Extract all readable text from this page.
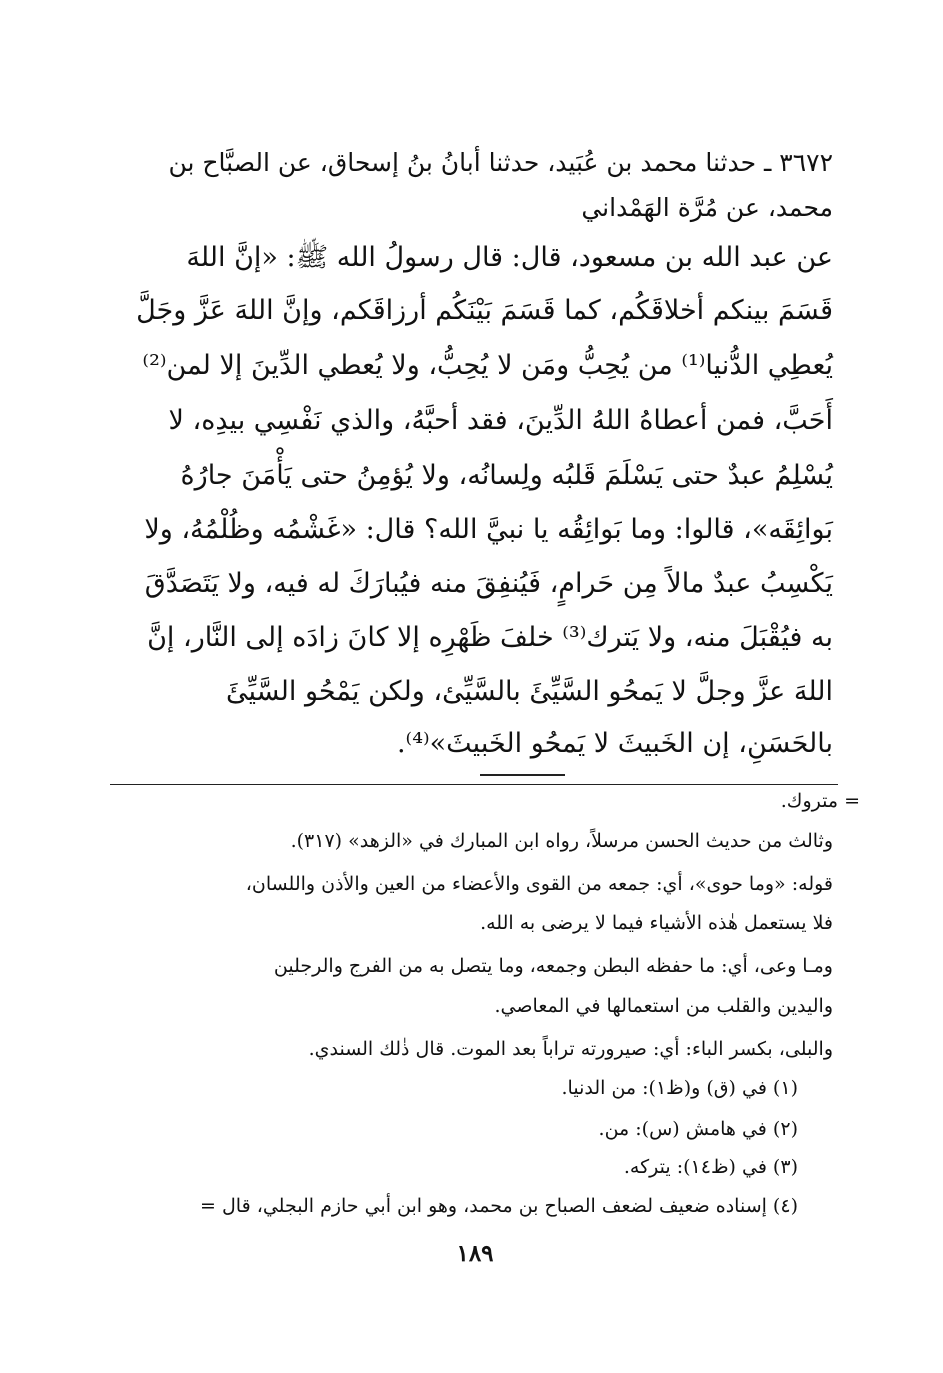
٣٦٧٢ ـ حدثنا محمد بن عُبَيد، حدثنا أبانُ بنُ إسحاق، عن الصبَّاح بن
محمد، عن مُرَّة الهَمْداني
عن عبد الله بن مسعود، قال: قال رسولُ الله ﷺ: «إنَّ اللهَ
قَسَمَ بينكم أخلاقَكُم، كما قَسَمَ بَيْنَكُم أرزاقَكم، وإنَّ اللهَ عَزَّ وجَلَّ
يُعطِي الدُّنيا⁽¹⁾ من يُحِبُّ ومَن لا يُحِبُّ، ولا يُعطي الدِّينَ إلا لمن⁽²⁾
أَحَبَّ، فمن أعطاهُ اللهُ الدِّينَ، فقد أحبَّهُ، والذي نَفْسِي بيدِه، لا
يُسْلِمُ عبدٌ حتى يَسْلَمَ قَلبُه ولِسانُه، ولا يُؤمِنُ حتى يَأْمَنَ جارُهُ
بَوائِقَه»، قالوا: وما بَوائِقُه يا نبيَّ الله؟ قال: «غَشْمُه وظُلْمُهُ، ولا
يَكْسِبُ عبدٌ مالاً مِن حَرامٍ، فَيُنفِقَ منه فيُبارَكَ له فيه، ولا يَتَصَدَّقَ
به فيُقْبَلَ منه، ولا يَترك⁽³⁾ خلفَ ظَهْرِه إلا كانَ زادَه إلى النَّار، إنَّ
اللهَ عزَّ وجلَّ لا يَمحُو السَّيِّئَ بالسَّيِّئ، ولكن يَمْحُو السَّيِّئَ
بالحَسَنِ، إن الخَبيثَ لا يَمحُو الخَبيثَ»⁽⁴⁾.
= متروك.
وثالث من حديث الحسن مرسلاً، رواه ابن المبارك في «الزهد» (٣١٧).
قوله: «وما حوى»، أي: جمعه من القوى والأعضاء من العين والأذن واللسان،
فلا يستعمل هٰذه الأشياء فيما لا يرضى به الله.
ومـا وعى، أي: ما حفظه البطن وجمعه، وما يتصل به من الفرج والرجلين
واليدين والقلب من استعمالها في المعاصي.
والبلى، بكسر الباء: أي: صيرورته تراباً بعد الموت. قال ذٰلك السندي.
(١) في (ق) و(ظ١): من الدنيا.
(٢) في هامش (س): من.
(٣) في (ظ١٤): يتركه.
(٤) إسناده ضعيف لضعف الصباح بن محمد، وهو ابن أبي حازم البجلي، قال =
١٨٩
